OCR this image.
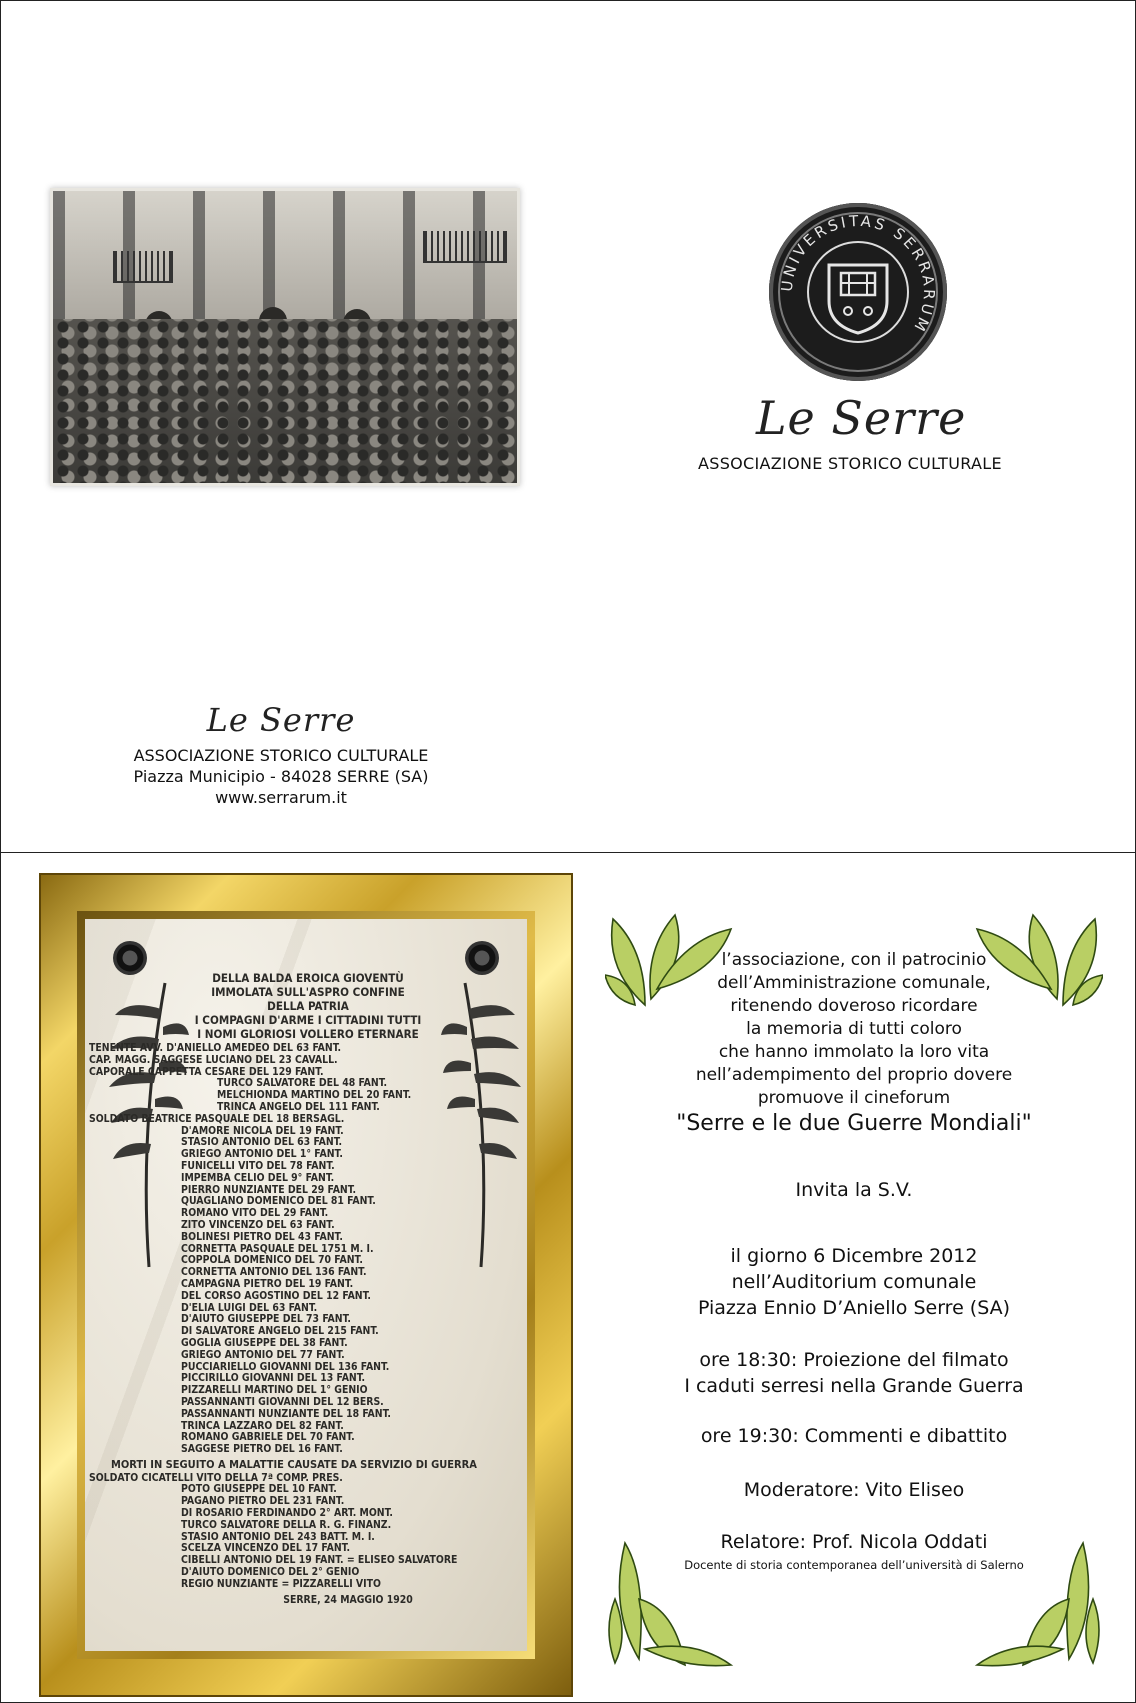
UNIVERSITAS SERRARUM
Le Serre
ASSOCIAZIONE STORICO CULTURALE
Le Serre
ASSOCIAZIONE STORICO CULTURALE
Piazza Municipio - 84028 SERRE (SA)
www.serrarum.it
DELLA BALDA EROICA GIOVENTÙ
IMMOLATA SULL'ASPRO CONFINE
DELLA PATRIA
I COMPAGNI D'ARME I CITTADINI TUTTI
I NOMI GLORIOSI VOLLERO ETERNARE
TENENTE AVV. D'ANIELLO AMEDEO DEL 63 FANT.
CAP. MAGG. SAGGESE LUCIANO DEL 23 CAVALL.
CAPORALE CAPPETTA CESARE DEL 129 FANT.
TURCO SALVATORE DEL 48 FANT.
MELCHIONDA MARTINO DEL 20 FANT.
TRINCA ANGELO DEL 111 FANT.
SOLDATO BEATRICE PASQUALE DEL 18 BERSAGL.
D'AMORE NICOLA DEL 19 FANT.
STASIO ANTONIO DEL 63 FANT.
GRIEGO ANTONIO DEL 1° FANT.
FUNICELLI VITO DEL 78 FANT.
IMPEMBA CELIO DEL 9° FANT.
PIERRO NUNZIANTE DEL 29 FANT.
QUAGLIANO DOMENICO DEL 81 FANT.
ROMANO VITO DEL 29 FANT.
ZITO VINCENZO DEL 63 FANT.
BOLINESI PIETRO DEL 43 FANT.
CORNETTA PASQUALE DEL 1751 M. I.
COPPOLA DOMENICO DEL 70 FANT.
CORNETTA ANTONIO DEL 136 FANT.
CAMPAGNA PIETRO DEL 19 FANT.
DEL CORSO AGOSTINO DEL 12 FANT.
D'ELIA LUIGI DEL 63 FANT.
D'AIUTO GIUSEPPE DEL 73 FANT.
DI SALVATORE ANGELO DEL 215 FANT.
GOGLIA GIUSEPPE DEL 38 FANT.
GRIEGO ANTONIO DEL 77 FANT.
PUCCIARIELLO GIOVANNI DEL 136 FANT.
PICCIRILLO GIOVANNI DEL 13 FANT.
PIZZARELLI MARTINO DEL 1° GENIO
PASSANNANTI GIOVANNI DEL 12 BERS.
PASSANNANTI NUNZIANTE DEL 18 FANT.
TRINCA LAZZARO DEL 82 FANT.
ROMANO GABRIELE DEL 70 FANT.
SAGGESE PIETRO DEL 16 FANT.
MORTI IN SEGUITO A MALATTIE CAUSATE DA SERVIZIO DI GUERRA
SOLDATO CICATELLI VITO DELLA 7ª COMP. PRES.
POTO GIUSEPPE DEL 10 FANT.
PAGANO PIETRO DEL 231 FANT.
DI ROSARIO FERDINANDO 2° ART. MONT.
TURCO SALVATORE DELLA R. G. FINANZ.
STASIO ANTONIO DEL 243 BATT. M. I.
SCELZA VINCENZO DEL 17 FANT.
CIBELLI ANTONIO DEL 19 FANT. = ELISEO SALVATORE
D'AIUTO DOMENICO DEL 2° GENIO
REGIO NUNZIANTE = PIZZARELLI VITO
SERRE, 24 MAGGIO 1920
l’associazione, con il patrocinio
dell’Amministrazione comunale,
ritenendo doveroso ricordare
la memoria di tutti coloro
che hanno immolato la loro vita
nell’adempimento del proprio dovere
promuove il cineforum
"Serre e le due Guerre Mondiali"
Invita la S.V.
il giorno 6 Dicembre 2012
nell’Auditorium comunale
Piazza Ennio D’Aniello Serre (SA)
ore 18:30: Proiezione del filmato
I caduti serresi nella Grande Guerra
ore 19:30: Commenti e dibattito
Moderatore: Vito Eliseo
Relatore: Prof. Nicola Oddati
Docente di storia contemporanea dell’università di Salerno
